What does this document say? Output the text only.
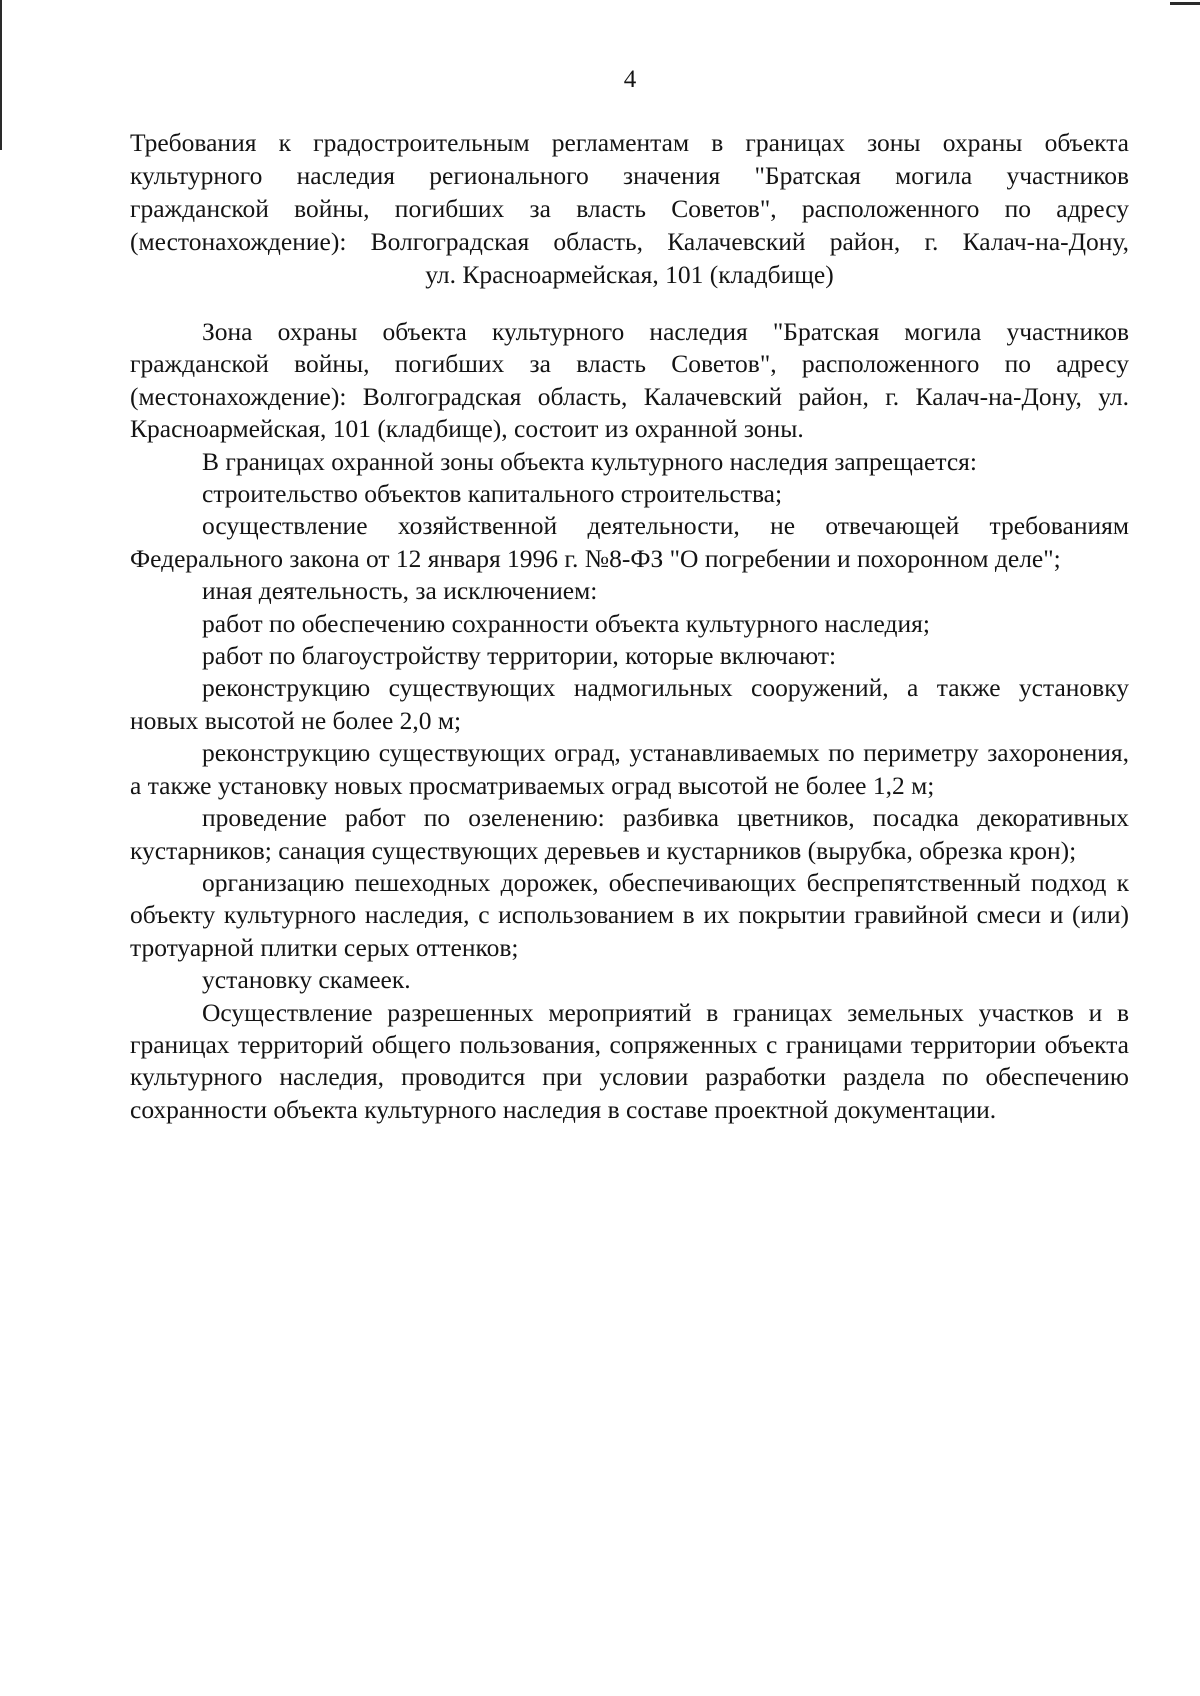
4
Требования к градостроительным регламентам в границах зоны охраны объекта
культурного наследия регионального значения "Братская могила участников
гражданской войны, погибших за власть Советов", расположенного по адресу
(местонахождение): Волгоградская область, Калачевский район, г. Калач-на-Дону,
ул. Красноармейская, 101 (кладбище)

Зона охраны объекта культурного наследия "Братская могила участников гражданской войны, погибших за власть Советов", расположенного по адресу (местонахождение): Волгоградская область, Калачевский район, г. Калач-на-Дону, ул. Красноармейская, 101 (кладбище), состоит из охранной зоны.

В границах охранной зоны объекта культурного наследия запрещается:

строительство объектов капитального строительства;

осуществление хозяйственной деятельности, не отвечающей требованиям Федерального закона от 12 января 1996 г. №8-ФЗ "О погребении и похоронном деле";

иная деятельность, за исключением:

работ по обеспечению сохранности объекта культурного наследия;

работ по благоустройству территории, которые включают:

реконструкцию существующих надмогильных сооружений, а также установку новых высотой не более 2,0 м;

реконструкцию существующих оград, устанавливаемых по периметру захоронения, а также установку новых просматриваемых оград высотой не более 1,2 м;

проведение работ по озеленению: разбивка цветников, посадка декоративных кустарников; санация существующих деревьев и кустарников (вырубка, обрезка крон);

организацию пешеходных дорожек, обеспечивающих беспрепятственный подход к объекту культурного наследия, с использованием в их покрытии гравийной смеси и (или) тротуарной плитки серых оттенков;

установку скамеек.

Осуществление разрешенных мероприятий в границах земельных участков и в границах территорий общего пользования, сопряженных с границами территории объекта культурного наследия, проводится при условии разработки раздела по обеспечению сохранности объекта культурного наследия в составе проектной документации.
